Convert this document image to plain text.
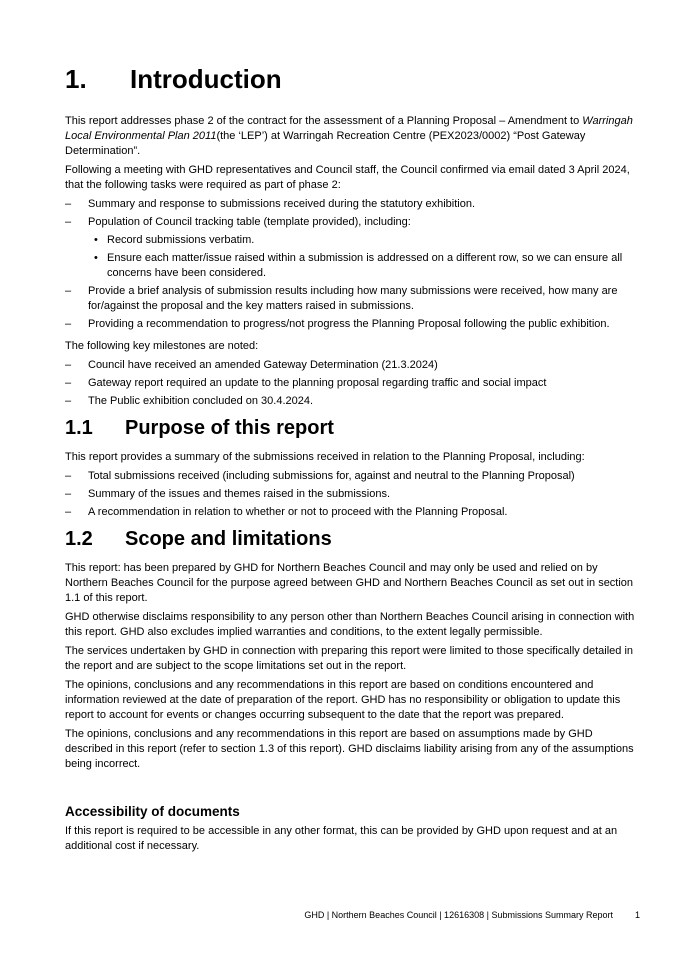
1. Introduction

This report addresses phase 2 of the contract for the assessment of a Planning Proposal – Amendment to Warringah Local Environmental Plan 2011(the ‘LEP’) at Warringah Recreation Centre (PEX2023/0002) “Post Gateway Determination”.

Following a meeting with GHD representatives and Council staff, the Council confirmed via email dated 3 April 2024, that the following tasks were required as part of phase 2:

–	Summary and response to submissions received during the statutory exhibition.
–	Population of Council tracking table (template provided), including:
• Record submissions verbatim.
• Ensure each matter/issue raised within a submission is addressed on a different row, so we can ensure all concerns have been considered.
–	Provide a brief analysis of submission results including how many submissions were received, how many are for/against the proposal and the key matters raised in submissions.
–	Providing a recommendation to progress/not progress the Planning Proposal following the public exhibition.

The following key milestones are noted:

–	Council have received an amended Gateway Determination (21.3.2024)
–	Gateway report required an update to the planning proposal regarding traffic and social impact
–	The Public exhibition concluded on 30.4.2024.
1.1 Purpose of this report

This report provides a summary of the submissions received in relation to the Planning Proposal, including:

–	Total submissions received (including submissions for, against and neutral to the Planning Proposal)
–	Summary of the issues and themes raised in the submissions.
–	A recommendation in relation to whether or not to proceed with the Planning Proposal.
1.2 Scope and limitations

This report: has been prepared by GHD for Northern Beaches Council and may only be used and relied on by Northern Beaches Council for the purpose agreed between GHD and Northern Beaches Council as set out in section 1.1 of this report.

GHD otherwise disclaims responsibility to any person other than Northern Beaches Council arising in connection with this report. GHD also excludes implied warranties and conditions, to the extent legally permissible.

The services undertaken by GHD in connection with preparing this report were limited to those specifically detailed in the report and are subject to the scope limitations set out in the report.

The opinions, conclusions and any recommendations in this report are based on conditions encountered and information reviewed at the date of preparation of the report. GHD has no responsibility or obligation to update this report to account for events or changes occurring subsequent to the date that the report was prepared.

The opinions, conclusions and any recommendations in this report are based on assumptions made by GHD described in this report (refer to section 1.3 of this report). GHD disclaims liability arising from any of the assumptions being incorrect.

Accessibility of documents

If this report is required to be accessible in any other format, this can be provided by GHD upon request and at an additional cost if necessary.

GHD | Northern Beaches Council | 12616308 | Submissions Summary Report 1
